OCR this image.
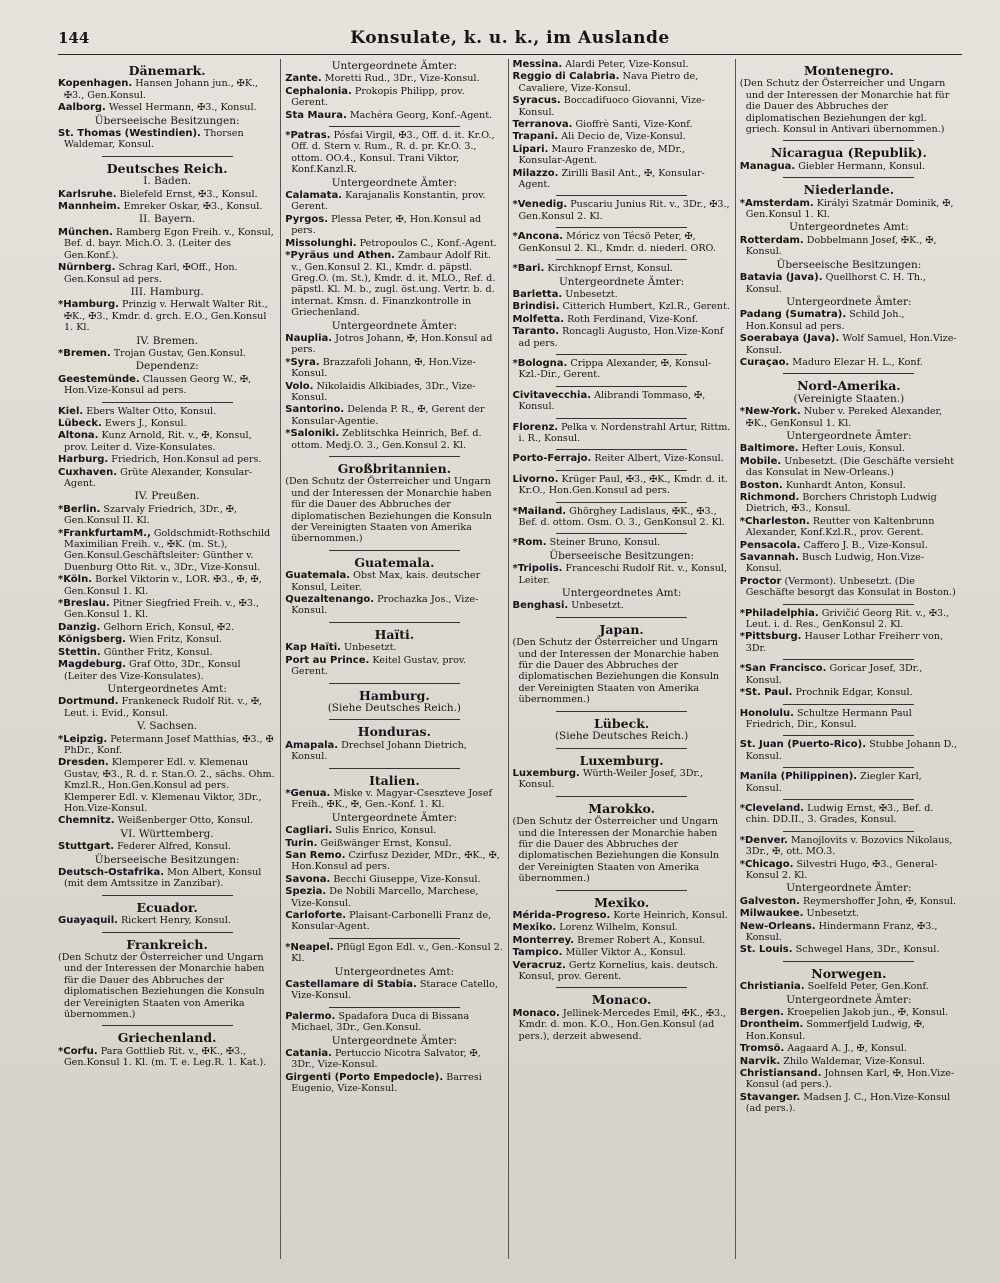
144	Konsulate, k. u. k., im Auslande
Dänemark.
Kopenhagen. Hansen Johann jun., ✠K., ✠3., Gen.Konsul.
Aalborg. Wessel Hermann, ✠3., Konsul.
Überseeische Besitzungen:
St. Thomas (Westindien). Thorsen Waldemar, Konsul.
Deutsches Reich.
I. Baden.
Karlsruhe. Bielefeld Ernst, ✠3., Konsul.
Mannheim. Emreker Oskar, ✠3., Konsul.
II. Bayern.
München. Ramberg Egon Freih. v., Konsul, Bef. d. bayr. Mich.O. 3. (Leiter des Gen.Konf.).
Nürnberg. Schrag Karl, ✠Off., Hon. Gen.Konsul ad pers.
III. Hamburg.
*Hamburg. Prinzig v. Herwalt Walter Rit., ✠K., ✠3., Kmdr. d. grch. E.O., Gen.Konsul 1. Kl.
IV. Bremen.
*Bremen. Trojan Gustav, Gen.Konsul.
Dependenz:
Geestemünde. Claussen Georg W., ✠, Hon.Vize-Konsul ad pers.
Kiel. Ebers Walter Otto, Konsul.
Lübeck. Ewers J., Konsul.
Altona. Kunz Arnold, Rit. v., ✠, Konsul, prov. Leiter d. Vize-Konsulates.
Harburg. Friedrich, Hon.Konsul ad pers.
Cuxhaven. Grüte Alexander, Konsular-Agent.
IV. Preußen.
*Berlin. Szarvaly Friedrich, 3Dr., ✠, Gen.Konsul II. Kl.
*FrankfurtamM., Goldschmidt-Rothschild Maximilian Freih. v., ✠K. (m. St.), Gen.Konsul.Geschäftsleiter: Günther v. Duenburg Otto Rit. v., 3Dr., Vize-Konsul.
*Köln. Borkel Viktorin v., LOR. ✠3., ✠, ✠, Gen.Konsul 1. Kl.
*Breslau. Pitner Siegfried Freih. v., ✠3., Gen.Konsul 1. Kl.
Danzig. Gelhorn Erich, Konsul, ✠2.
Königsberg. Wien Fritz, Konsul.
Stettin. Günther Fritz, Konsul.
Magdeburg. Graf Otto, 3Dr., Konsul (Leiter des Vize-Konsulates).
Untergeordnetes Amt:
Dortmund. Frankeneck Rudolf Rit. v., ✠, Leut. i. Evid., Konsul.
V. Sachsen.
*Leipzig. Petermann Josef Matthias, ✠3., ✠ PhDr., Konf.
Dresden. Klemperer Edl. v. Klemenau Gustav, ✠3., R. d. r. Stan.O. 2., sächs. Ohm. Kmzl.R., Hon.Gen.Konsul ad pers. Klemperer Edl. v. Klemenau Viktor, 3Dr., Hon.Vize-Konsul.
Chemnitz. Weißenberger Otto, Konsul.
VI. Württemberg.
Stuttgart. Federer Alfred, Konsul.
Überseeische Besitzungen:
Deutsch-Ostafrika. Mon Albert, Konsul (mit dem Amtssitze in Zanzibar).
Ecuador.
Guayaquil. Rickert Henry, Konsul.
Frankreich.
(Den Schutz der Österreicher und Ungarn und der Interessen der Monarchie haben für die Dauer des Abbruches der diplomatischen Beziehungen die Konsuln der Vereinigten Staaten von Amerika übernommen.)
Griechenland.
*Corfu. Para Gottlieb Rit. v., ✠K., ✠3., Gen.Konsul 1. Kl. (m. T. e. Leg.R. 1. Kat.).
Untergeordnete Ämter:
Zante. Moretti Rud., 3Dr., Vize-Konsul.
Cephalonia. Prokopis Philipp, prov. Gerent.
Sta Maura. Machéra Georg, Konf.-Agent.
*Patras. Pósfai Virgil, ✠3., Off. d. it. Kr.O., Off. d. Stern v. Rum., R. d. pr. Kr.O. 3., ottom. OO.4., Konsul. Trani Viktor, Konf.Kanzl.R.
Untergeordnete Ämter:
Calamata. Karajanalis Konstantin, prov. Gerent.
Pyrgos. Plessa Peter, ✠, Hon.Konsul ad pers.
Missolunghi. Petropoulos C., Konf.-Agent.
*Pyräus und Athen. Zambaur Adolf Rit. v., Gen.Konsul 2. Kl., Kmdr. d. päpstl. Greg.O. (m. St.), Kmdr. d. it. MLO., Ref. d. päpstl. Kl. M. b., zugl. öst.ung. Vertr. b. d. internat. Kmsn. d. Finanzkontrolle in Griechenland.
Untergeordnete Ämter:
Nauplia. Jotros Johann, ✠, Hon.Konsul ad pers.
*Syra. Brazzafoli Johann, ✠, Hon.Vize-Konsul.
Volo. Nikolaidis Alkibiades, 3Dr., Vize-Konsul.
Santorino. Delenda P. R., ✠, Gerent der Konsular-Agentie.
*Saloniki. Zeblitschka Heinrich, Bef. d. ottom. Medj.O. 3., Gen.Konsul 2. Kl.
Großbritannien.
(Den Schutz der Österreicher und Ungarn und der Interessen der Monarchie haben für die Dauer des Abbruches der diplomatischen Beziehungen die Konsuln der Vereinigten Staaten von Amerika übernommen.)
Guatemala.
Guatemala. Obst Max, kais. deutscher Konsul, Leiter.
Quezaltenango. Prochazka Jos., Vize-Konsul.
Haïti.
Kap Haïti. Unbesetzt.
Port au Prince. Keitel Gustav, prov. Gerent.
Hamburg.
(Siehe Deutsches Reich.)
Honduras.
Amapala. Drechsel Johann Dietrich, Konsul.
Italien.
*Genua. Miske v. Magyar-Cseszteve Josef Freih., ✠K., ✠, Gen.-Konf. 1. Kl.
Untergeordnete Ämter:
Cagliari. Sulis Enrico, Konsul.
Turin. Geißwänger Ernst, Konsul.
San Remo. Czirfusz Dezider, MDr., ✠K., ✠, Hon.Konsul ad pers.
Savona. Becchi Giuseppe, Vize-Konsul.
Spezia. De Nobili Marcello, Marchese, Vize-Konsul.
Carloforte. Plaisant-Carbonelli Franz de, Konsular-Agent.
*Neapel. Pflügl Egon Edl. v., Gen.-Konsul 2. Kl.
Untergeordnetes Amt:
Castellamare di Stabia. Starace Catello, Vize-Konsul.
Palermo. Spadafora Duca di Bissana Michael, 3Dr., Gen.Konsul.
Untergeordnete Ämter:
Catania. Pertuccio Nicotra Salvator, ✠, 3Dr., Vize-Konsul.
Girgenti (Porto Empedocle). Barresi Eugenio, Vize-Konsul.
Messina. Alardi Peter, Vize-Konsul.
Reggio di Calabria. Nava Pietro de, Cavaliere, Vize-Konsul.
Syracus. Boccadifuoco Giovanni, Vize-Konsul.
Terranova. Gioffrè Santi, Vize-Konf.
Trapani. Ali Decio de, Vize-Konsul.
Lipari. Mauro Franzesko de, MDr., Konsular-Agent.
Milazzo. Zirilli Basil Ant., ✠, Konsular-Agent.
*Venedig. Puscariu Junius Rit. v., 3Dr., ✠3., Gen.Konsul 2. Kl.
*Ancona. Móricz von Técsö Peter, ✠, GenKonsul 2. Kl., Kmdr. d. niederl. ORO.
*Bari. Kirchknopf Ernst, Konsul.
Untergeordnete Ämter:
Barletta. Unbesetzt.
Brindisi. Citterich Humbert, Kzl.R., Gerent.
Molfetta. Roth Ferdinand, Vize-Konf.
Taranto. Roncagli Augusto, Hon.Vize-Konf ad pers.
*Bologna. Crippa Alexander, ✠, Konsul-Kzl.-Dir., Gerent.
Civitavecchia. Alibrandi Tommaso, ✠, Konsul.
Florenz. Pelka v. Nordenstrahl Artur, Rittm. i. R., Konsul.
Porto-Ferrajo. Reiter Albert, Vize-Konsul.
Livorno. Krüger Paul, ✠3., ✠K., Kmdr. d. it. Kr.O., Hon.Gen.Konsul ad pers.
*Mailand. Ghörghey Ladislaus, ✠K., ✠3., Bef. d. ottom. Osm. O. 3., GenKonsul 2. Kl.
*Rom. Steiner Bruno, Konsul.
Überseeische Besitzungen:
*Tripolis. Franceschi Rudolf Rit. v., Konsul, Leiter.
Untergeordnetes Amt:
Benghasi. Unbesetzt.
Japan.
(Den Schutz der Österreicher und Ungarn und der Interessen der Monarchie haben für die Dauer des Abbruches der diplomatischen Beziehungen die Konsuln der Vereinigten Staaten von Amerika übernommen.)
Lübeck.
(Siehe Deutsches Reich.)
Luxemburg.
Luxemburg. Würth-Weiler Josef, 3Dr., Konsul.
Marokko.
(Den Schutz der Österreicher und Ungarn und die Interessen der Monarchie haben für die Dauer des Abbruches der diplomatischen Beziehungen die Konsuln der Vereinigten Staaten von Amerika übernommen.)
Mexiko.
Mérida-Progreso. Korte Heinrich, Konsul.
Mexiko. Lorenz Wilhelm, Konsul.
Monterrey. Bremer Robert A., Konsul.
Tampico. Müller Viktor A., Konsul.
Veracruz. Gertz Kornelius, kais. deutsch. Konsul, prov. Gerent.
Monaco.
Monaco. Jellinek-Mercedes Emil, ✠K., ✠3., Kmdr. d. mon. K.O., Hon.Gen.Konsul (ad pers.), derzeit abwesend.
Montenegro.
(Den Schutz der Österreicher und Ungarn und der Interessen der Monarchie hat für die Dauer des Abbruches der diplomatischen Beziehungen der kgl. griech. Konsul in Antivari übernommen.)
Nicaragua (Republik).
Managua. Giebler Hermann, Konsul.
Niederlande.
*Amsterdam. Királyi Szatmár Dominik, ✠, Gen.Konsul 1. Kl.
Untergeordnetes Amt:
Rotterdam. Dobbelmann Josef, ✠K., ✠, Konsul.
Überseeische Besitzungen:
Batavia (Java). Quellhorst C. H. Th., Konsul.
Untergeordnete Ämter:
Padang (Sumatra). Schild Joh., Hon.Konsul ad pers.
Soerabaya (Java). Wolf Samuel, Hon.Vize-Konsul.
Curaçao. Maduro Elezar H. L., Konf.
Nord-Amerika.
(Vereinigte Staaten.)
*New-York. Nuber v. Pereked Alexander, ✠K., GenKonsul 1. Kl.
Untergeordnete Ämter:
Baltimore. Hefter Louis, Konsul.
Mobile. Unbesetzt. (Die Geschäfte versieht das Konsulat in New-Orleans.)
Boston. Kunhardt Anton, Konsul.
Richmond. Borchers Christoph Ludwig Dietrich, ✠3., Konsul.
*Charleston. Reutter von Kaltenbrunn Alexander, Konf.Kzl.R., prov. Gerent.
Pensacola. Caffero J. B., Vize-Konsul.
Savannah. Busch Ludwig, Hon.Vize-Konsul.
Proctor (Vermont). Unbesetzt. (Die Geschäfte besorgt das Konsulat in Boston.)
*Philadelphia. Grivičić Georg Rit. v., ✠3., Leut. i. d. Res., GenKonsul 2. Kl.
*Pittsburg. Hauser Lothar Freiherr von, 3Dr.
*San Francisco. Goricar Josef, 3Dr., Konsul.
*St. Paul. Prochnik Edgar, Konsul.
Honolulu. Schultze Hermann Paul Friedrich, Dir., Konsul.
St. Juan (Puerto-Rico). Stubbe Johann D., Konsul.
Manila (Philippinen). Ziegler Karl, Konsul.
*Cleveland. Ludwig Ernst, ✠3., Bef. d. chin. DD.II., 3. Grades, Konsul.
*Denver. Manojlovits v. Bozovics Nikolaus, 3Dr., ✠, ott. MO.3.
*Chicago. Silvestri Hugo, ✠3., General-Konsul 2. Kl.
Untergeordnete Ämter:
Galveston. Reymershoffer John, ✠, Konsul.
Milwaukee. Unbesetzt.
New-Orleans. Hindermann Franz, ✠3., Konsul.
St. Louis. Schwegel Hans, 3Dr., Konsul.
Norwegen.
Christiania. Soelfeld Peter, Gen.Konf.
Untergeordnete Ämter:
Bergen. Kroepelien Jakob jun., ✠, Konsul.
Drontheim. Sommerfjeld Ludwig, ✠, Hon.Konsul.
Tromsö. Aagaard A. J., ✠, Konsul.
Narvik. Zhilo Waldemar, Vize-Konsul.
Christiansand. Johnsen Karl, ✠, Hon.Vize-Konsul (ad pers.).
Stavanger. Madsen J. C., Hon.Vize-Konsul (ad pers.).
